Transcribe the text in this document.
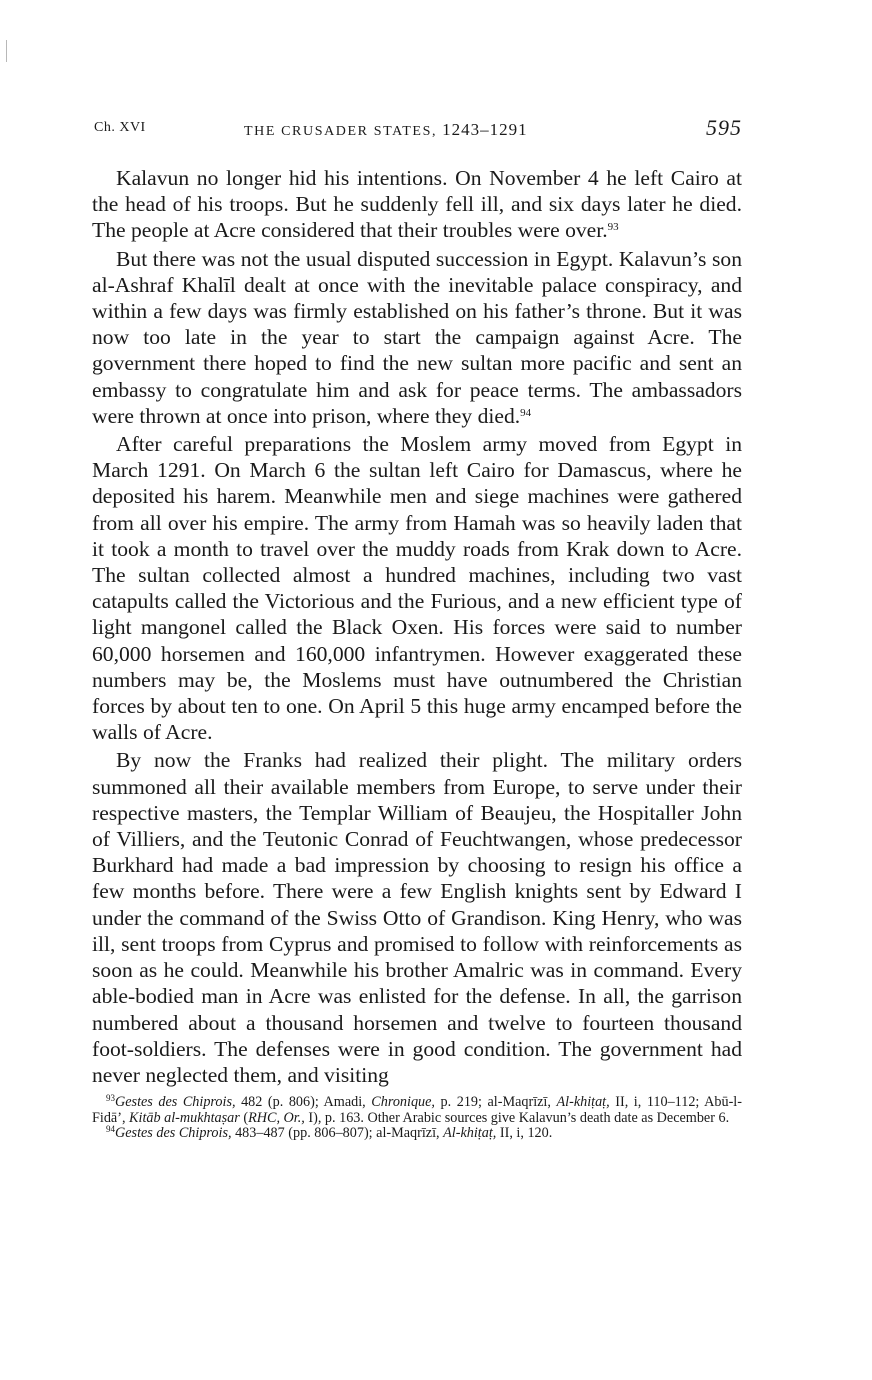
Ch. XVI	THE CRUSADER STATES, 1243–1291	595

Kalavun no longer hid his intentions. On November 4 he left Cairo at the head of his troops. But he suddenly fell ill, and six days later he died. The people at Acre considered that their troubles were over.$^{93}$

But there was not the usual disputed succession in Egypt. Kalavun’s son al-Ashraf Khalīl dealt at once with the inevitable palace conspiracy, and within a few days was firmly established on his father’s throne. But it was now too late in the year to start the campaign against Acre. The government there hoped to find the new sultan more pacific and sent an embassy to congratulate him and ask for peace terms. The ambassadors were thrown at once into prison, where they died.$^{94}$

After careful preparations the Moslem army moved from Egypt in March 1291. On March 6 the sultan left Cairo for Damascus, where he deposited his harem. Meanwhile men and siege machines were gathered from all over his empire. The army from Hamah was so heavily laden that it took a month to travel over the muddy roads from Krak down to Acre. The sultan collected almost a hundred machines, including two vast catapults called the Victorious and the Furious, and a new efficient type of light mangonel called the Black Oxen. His forces were said to number 60,000 horsemen and 160,000 infantrymen. However exaggerated these numbers may be, the Moslems must have outnumbered the Christian forces by about ten to one. On April 5 this huge army encamped before the walls of Acre.

By now the Franks had realized their plight. The military orders summoned all their available members from Europe, to serve under their respective masters, the Templar William of Beaujeu, the Hospitaller John of Villiers, and the Teutonic Conrad of Feuchtwangen, whose predecessor Burkhard had made a bad impression by choosing to resign his office a few months before. There were a few English knights sent by Edward I under the command of the Swiss Otto of Grandison. King Henry, who was ill, sent troops from Cyprus and promised to follow with reinforcements as soon as he could. Meanwhile his brother Amalric was in command. Every able-bodied man in Acre was enlisted for the defense. In all, the garrison numbered about a thousand horsemen and twelve to fourteen thousand foot-soldiers. The defenses were in good condition. The government had never neglected them, and visiting

$^{93}$Gestes des Chiprois, 482 (p. 806); Amadi, Chronique, p. 219; al-Maqrīzī, Al-khiṭaṭ, II, i, 110–112; Abū-l-Fidā’, Kitāb al-mukhtaṣar (RHC, Or., I), p. 163. Other Arabic sources give Kalavun’s death date as December 6.

$^{94}$Gestes des Chiprois, 483–487 (pp. 806–807); al-Maqrīzī, Al-khiṭaṭ, II, i, 120.
